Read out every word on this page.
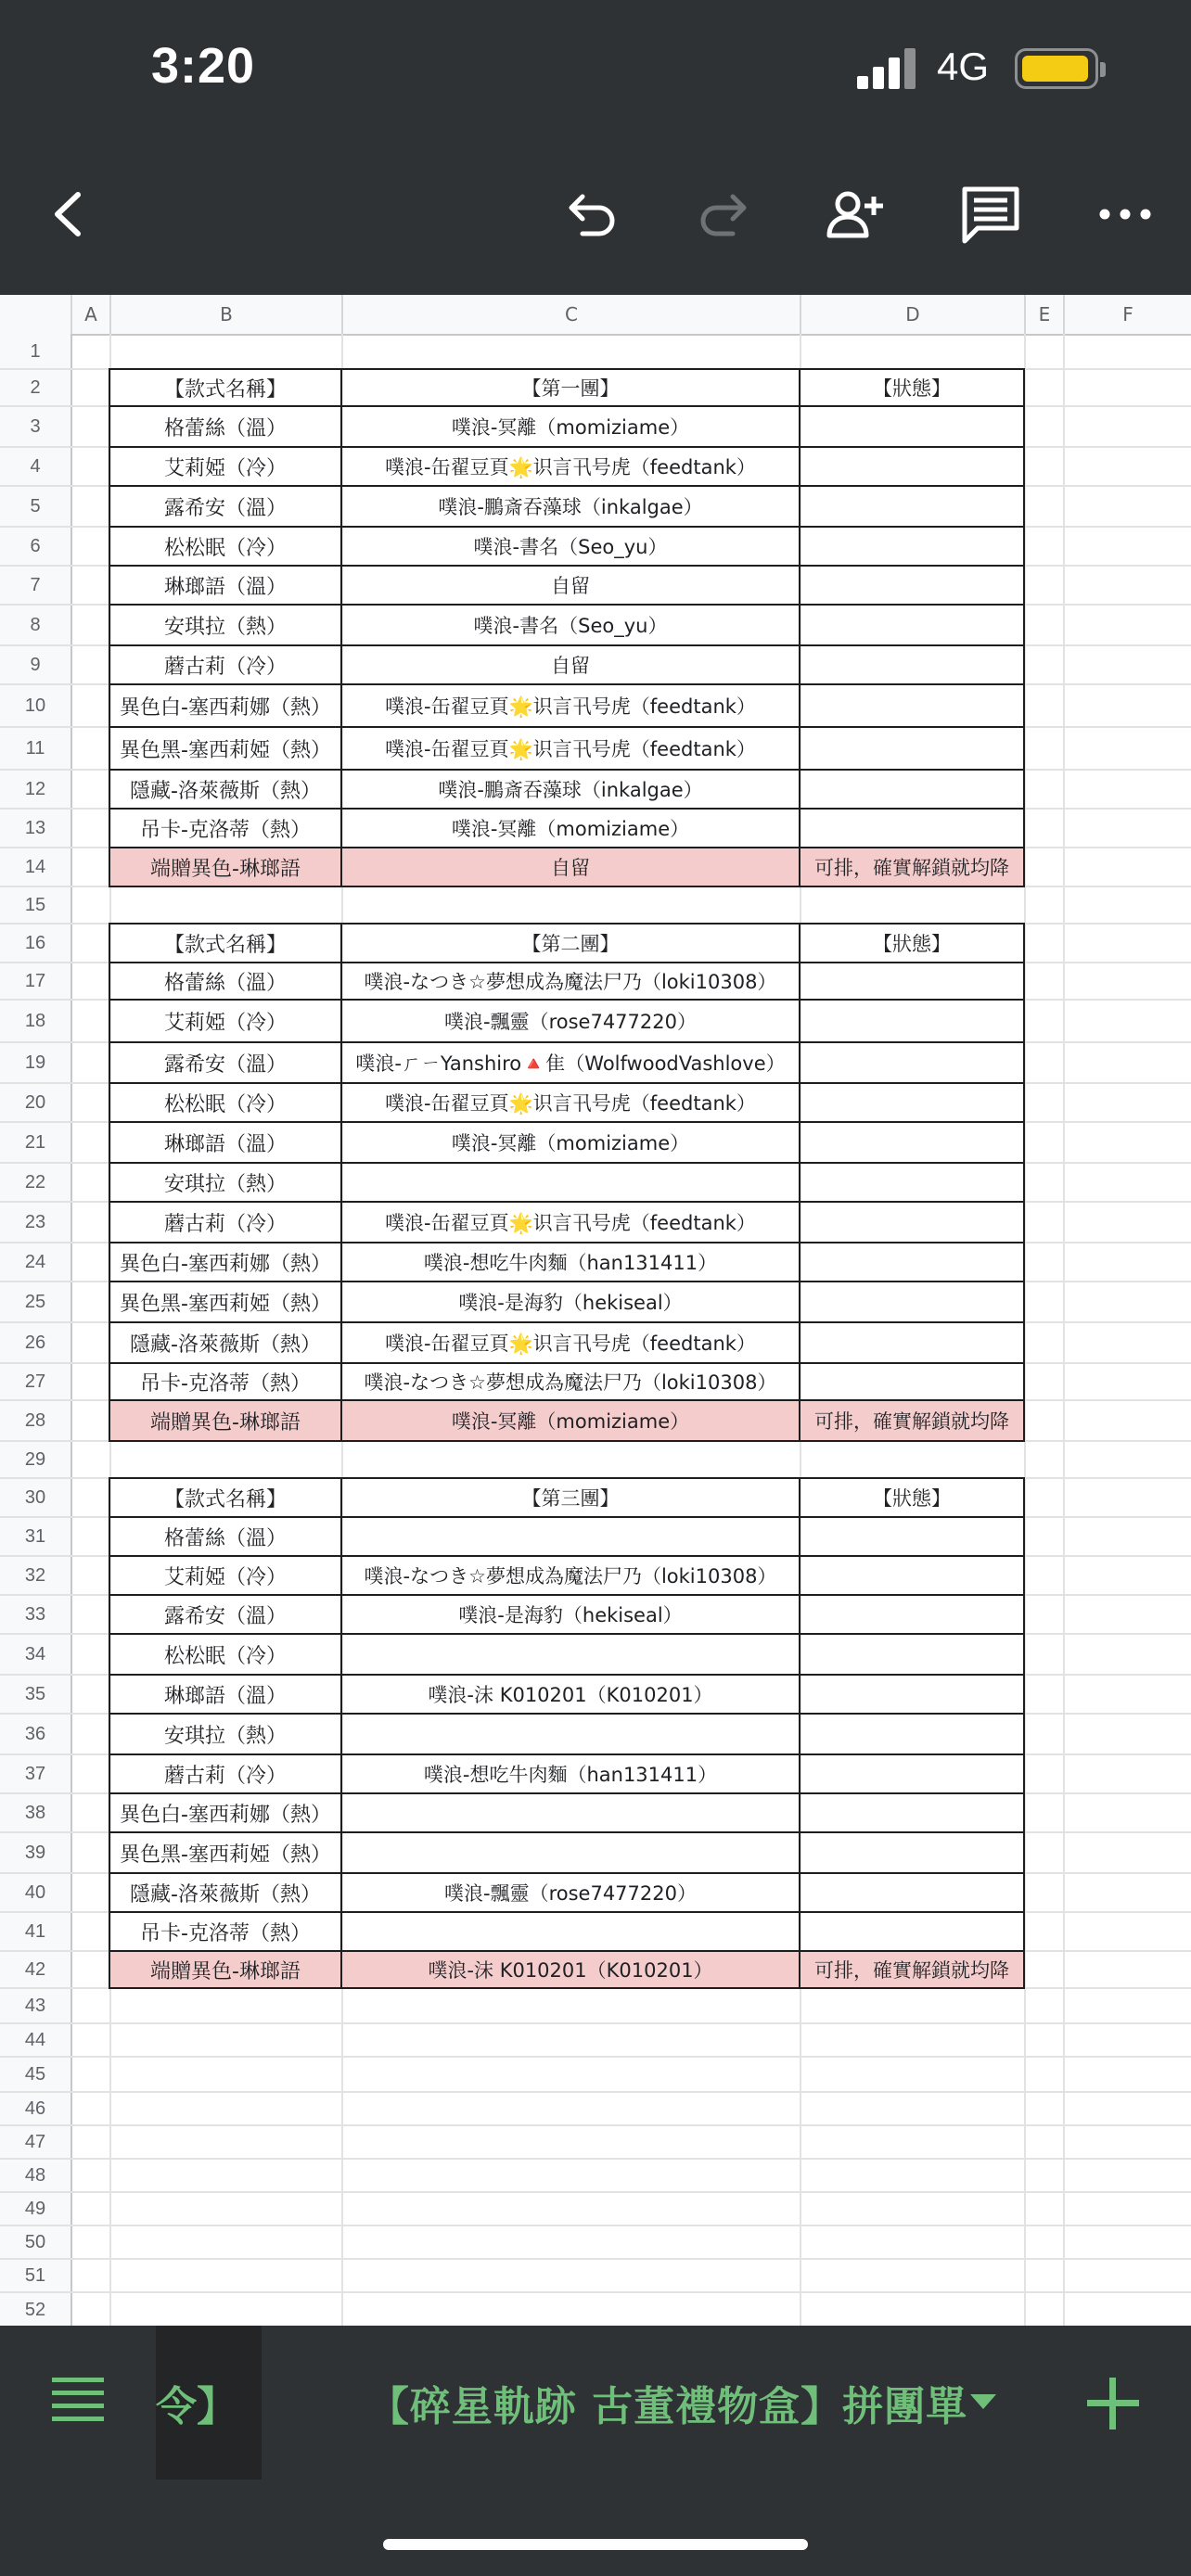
3:20	4G
A	B	C	D	E	F
1
2
3
4
5
6
7
8
9
10
11
12
13
14
15
16
17
18
19
20
21
22
23
24
25
26
27
28
29
30
31
32
33
34
35
36
37
38
39
40
41
42
43
44
45
46
47
48
49
50
51
52
【款式名稱】	【第一團】	【狀態】
格蕾絲（溫）	噗浪-冥離（momiziame）
艾莉婭（冷）	噗浪-缶翟豆頁🌟识言卂号虎（feedtank）
露希安（溫）	噗浪-鵬斎吞藻球（inkalgae）
松松眠（冷）	噗浪-書名（Seo_yu）
琳瑯語（溫）	自留
安琪拉（熱）	噗浪-書名（Seo_yu）
蘑古莉（冷）	自留
異色白-塞西莉娜（熱）	噗浪-缶翟豆頁🌟识言卂号虎（feedtank）
異色黑-塞西莉婭（熱）	噗浪-缶翟豆頁🌟识言卂号虎（feedtank）
隱藏-洛萊薇斯（熱）	噗浪-鵬斎吞藻球（inkalgae）
吊卡-克洛蒂（熱）	噗浪-冥離（momiziame）
端贈異色-琳瑯語	自留	可排，確實解鎖就均降
【款式名稱】	【第二團】	【狀態】
格蕾絲（溫）	噗浪-なつき☆夢想成為魔法尸乃（loki10308）
艾莉婭（冷）	噗浪-飄靈（rose7477220）
露希安（溫）	噗浪-ㄏㄧYanshiro🔺隹（WolfwoodVashlove）
松松眠（冷）	噗浪-缶翟豆頁🌟识言卂号虎（feedtank）
琳瑯語（溫）	噗浪-冥離（momiziame）
安琪拉（熱）
蘑古莉（冷）	噗浪-缶翟豆頁🌟识言卂号虎（feedtank）
異色白-塞西莉娜（熱）	噗浪-想吃牛肉麵（han131411）
異色黑-塞西莉婭（熱）	噗浪-是海豹（hekiseal）
隱藏-洛萊薇斯（熱）	噗浪-缶翟豆頁🌟识言卂号虎（feedtank）
吊卡-克洛蒂（熱）	噗浪-なつき☆夢想成為魔法尸乃（loki10308）
端贈異色-琳瑯語	噗浪-冥離（momiziame）	可排，確實解鎖就均降
【款式名稱】	【第三團】	【狀態】
格蕾絲（溫）
艾莉婭（冷）	噗浪-なつき☆夢想成為魔法尸乃（loki10308）
露希安（溫）	噗浪-是海豹（hekiseal）
松松眠（冷）
琳瑯語（溫）	噗浪-沫 K010201（K010201）
安琪拉（熱）
蘑古莉（冷）	噗浪-想吃牛肉麵（han131411）
異色白-塞西莉娜（熱）
異色黑-塞西莉婭（熱）
隱藏-洛萊薇斯（熱）	噗浪-飄靈（rose7477220）
吊卡-克洛蒂（熱）
端贈異色-琳瑯語	噗浪-沫 K010201（K010201）	可排，確實解鎖就均降
令】	【碎星軌跡 古董禮物盒】拼團單
